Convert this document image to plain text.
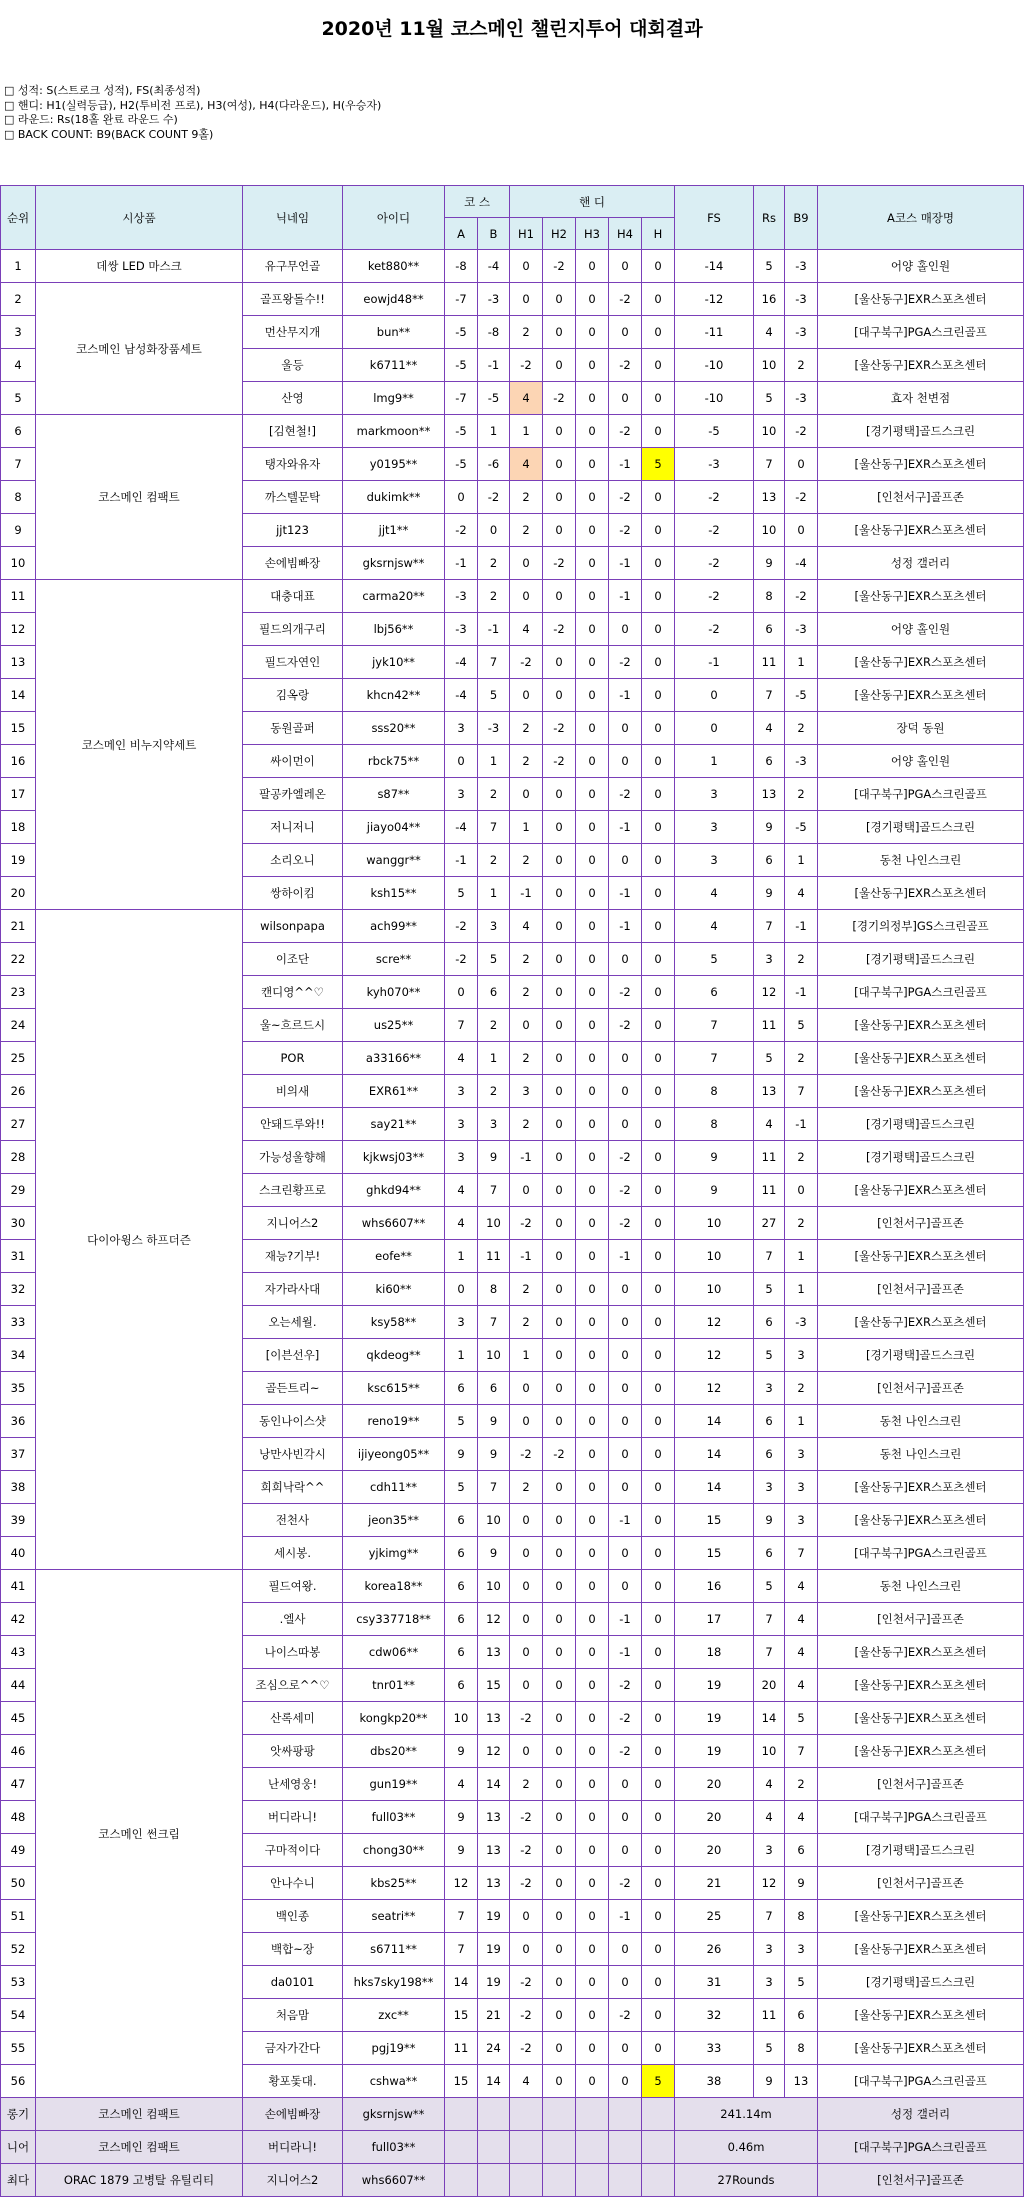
2020년 11월 코스메인 챌린지투어 대회결과
□ 성적: S(스트로크 성적), FS(최종성적)
□ 핸디: H1(실력등급), H2(투비전 프로), H3(여성), H4(다라운드), H(우승자)
□ 라운드: Rs(18홀 완료 라운드 수)
□ BACK COUNT: B9(BACK COUNT 9홀)
순위	시상품	닉네임	아이디	코 스		핸 디					FS	Rs	B9	A코스 매장명
				A	B	H1	H2	H3	H4	H				
1	데쌍 LED 마스크	유구무언골	ket880**	-8	-4	0	-2	0	0	0	-14	5	-3	어양 홀인원
2	코스메인 남성화장품세트	골프왕돌수!!	eowjd48**	-7	-3	0	0	0	-2	0	-12	16	-3	[울산동구]EXR스포츠센터
3		먼산무지개	bun**	-5	-8	2	0	0	0	0	-11	4	-3	[대구북구]PGA스크린골프
4		울등	k6711**	-5	-1	-2	0	0	-2	0	-10	10	2	[울산동구]EXR스포츠센터
5		산영	lmg9**	-7	-5	4	-2	0	0	0	-10	5	-3	효자 천변점
6	코스메인 컴팩트	[김현철!]	markmoon**	-5	1	1	0	0	-2	0	-5	10	-2	[경기평택]골드스크린
7		탱자와유자	y0195**	-5	-6	4	0	0	-1	5	-3	7	0	[울산동구]EXR스포츠센터
8		까스텔문탁	dukimk**	0	-2	2	0	0	-2	0	-2	13	-2	[인천서구]골프존
9		jjt123	jjt1**	-2	0	2	0	0	-2	0	-2	10	0	[울산동구]EXR스포츠센터
10		손에빔빠장	gksrnjsw**	-1	2	0	-2	0	-1	0	-2	9	-4	성정 갤러리
11	코스메인 비누지약세트	대충대표	carma20**	-3	2	0	0	0	-1	0	-2	8	-2	[울산동구]EXR스포츠센터
12		필드의개구리	lbj56**	-3	-1	4	-2	0	0	0	-2	6	-3	어양 홀인원
13		필드자연인	jyk10**	-4	7	-2	0	0	-2	0	-1	11	1	[울산동구]EXR스포츠센터
14		김옥랑	khcn42**	-4	5	0	0	0	-1	0	0	7	-5	[울산동구]EXR스포츠센터
15		동원골퍼	sss20**	3	-3	2	-2	0	0	0	0	4	2	장덕 동원
16		싸이먼이	rbck75**	0	1	2	-2	0	0	0	1	6	-3	어양 홀인원
17		팔공카엘레온	s87**	3	2	0	0	0	-2	0	3	13	2	[대구북구]PGA스크린골프
18		저니저니	jiayo04**	-4	7	1	0	0	-1	0	3	9	-5	[경기평택]골드스크린
19		소리오니	wanggr**	-1	2	2	0	0	0	0	3	6	1	동천 나인스크린
20		쌍하이킴	ksh15**	5	1	-1	0	0	-1	0	4	9	4	[울산동구]EXR스포츠센터
21	다이아윙스 하프더즌	wilsonpapa	ach99**	-2	3	4	0	0	-1	0	4	7	-1	[경기의정부]GS스크린골프
22		이조단	scre**	-2	5	2	0	0	0	0	5	3	2	[경기평택]골드스크린
23		캔디영^^♡	kyh070**	0	6	2	0	0	-2	0	6	12	-1	[대구북구]PGA스크린골프
24		울~흐르드시	us25**	7	2	0	0	0	-2	0	7	11	5	[울산동구]EXR스포츠센터
25		POR	a33166**	4	1	2	0	0	0	0	7	5	2	[울산동구]EXR스포츠센터
26		비의새	EXR61**	3	2	3	0	0	0	0	8	13	7	[울산동구]EXR스포츠센터
27		안돼드루와!!	say21**	3	3	2	0	0	0	0	8	4	-1	[경기평택]골드스크린
28		가능성울향해	kjkwsj03**	3	9	-1	0	0	-2	0	9	11	2	[경기평택]골드스크린
29		스크린황프로	ghkd94**	4	7	0	0	0	-2	0	9	11	0	[울산동구]EXR스포츠센터
30		지니어스2	whs6607**	4	10	-2	0	0	-2	0	10	27	2	[인천서구]골프존
31		재능?기부!	eofe**	1	11	-1	0	0	-1	0	10	7	1	[울산동구]EXR스포츠센터
32		자가라사대	ki60**	0	8	2	0	0	0	0	10	5	1	[인천서구]골프존
33		오는세월.	ksy58**	3	7	2	0	0	0	0	12	6	-3	[울산동구]EXR스포츠센터
34		[이븐선우]	qkdeog**	1	10	1	0	0	0	0	12	5	3	[경기평택]골드스크린
35		골든트리~	ksc615**	6	6	0	0	0	0	0	12	3	2	[인천서구]골프존
36		동인나이스샷	reno19**	5	9	0	0	0	0	0	14	6	1	동천 나인스크린
37		낭만사빈각시	ijiyeong05**	9	9	-2	-2	0	0	0	14	6	3	동천 나인스크린
38		희희낙락^^	cdh11**	5	7	2	0	0	0	0	14	3	3	[울산동구]EXR스포츠센터
39		전천사	jeon35**	6	10	0	0	0	-1	0	15	9	3	[울산동구]EXR스포츠센터
40		세시봉.	yjkimg**	6	9	0	0	0	0	0	15	6	7	[대구북구]PGA스크린골프
41	코스메인 썬크림	필드여왕.	korea18**	6	10	0	0	0	0	0	16	5	4	동천 나인스크린
42		.엘사	csy337718**	6	12	0	0	0	-1	0	17	7	4	[인천서구]골프존
43		나이스따봉	cdw06**	6	13	0	0	0	-1	0	18	7	4	[울산동구]EXR스포츠센터
44		조심으로^^♡	tnr01**	6	15	0	0	0	-2	0	19	20	4	[울산동구]EXR스포츠센터
45		산록세미	kongkp20**	10	13	-2	0	0	-2	0	19	14	5	[울산동구]EXR스포츠센터
46		앗싸팡팡	dbs20**	9	12	0	0	0	-2	0	19	10	7	[울산동구]EXR스포츠센터
47		난세영웅!	gun19**	4	14	2	0	0	0	0	20	4	2	[인천서구]골프존
48		버디라니!	full03**	9	13	-2	0	0	0	0	20	4	4	[대구북구]PGA스크린골프
49		구마적이다	chong30**	9	13	-2	0	0	0	0	20	3	6	[경기평택]골드스크린
50		안나수니	kbs25**	12	13	-2	0	0	-2	0	21	12	9	[인천서구]골프존
51		백인종	seatri**	7	19	0	0	0	-1	0	25	7	8	[울산동구]EXR스포츠센터
52		백합~장	s6711**	7	19	0	0	0	0	0	26	3	3	[울산동구]EXR스포츠센터
53		da0101	hks7sky198**	14	19	-2	0	0	0	0	31	3	5	[경기평택]골드스크린
54		처음맘	zxc**	15	21	-2	0	0	-2	0	32	11	6	[울산동구]EXR스포츠센터
55		금자가간다	pgj19**	11	24	-2	0	0	0	0	33	5	8	[울산동구]EXR스포츠센터
56		황포돛대.	cshwa**	15	14	4	0	0	0	5	38	9	13	[대구북구]PGA스크린골프
롱기	코스메인 컴팩트	손에빔빠장	gksrnjsw**								241.14m			성정 갤러리
니어	코스메인 컴팩트	버디라니!	full03**								0.46m			[대구북구]PGA스크린골프
최다	ORAC 1879 고병탈 유틸리티	지니어스2	whs6607**								27Rounds			[인천서구]골프존
